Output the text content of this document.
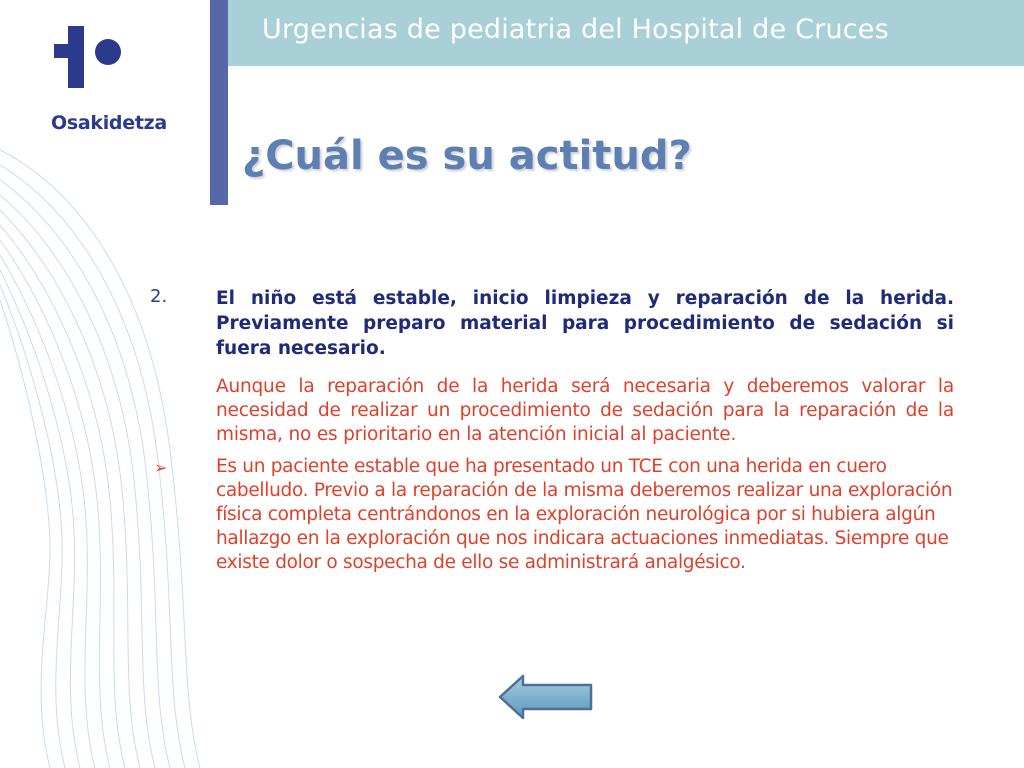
Urgencias de pediatria del Hospital de Cruces
Osakidetza
¿Cuál es su actitud?
2.	El niño está estable, inicio limpieza y reparación de la herida. Previamente preparo material para procedimiento de sedación si fuera necesario.
Aunque la reparación de la herida será necesaria y deberemos valorar la necesidad de realizar un procedimiento de sedación para la reparación de la misma, no es prioritario en la atención inicial al paciente.
➢	Es un paciente estable que ha presentado un TCE con una herida en cuero cabelludo. Previo a la reparación de la misma deberemos realizar una exploración física completa centrándonos en la exploración neurológica por si hubiera algún hallazgo en la exploración que nos indicara actuaciones inmediatas. Siempre que existe dolor o sospecha de ello se administrará analgésico.
